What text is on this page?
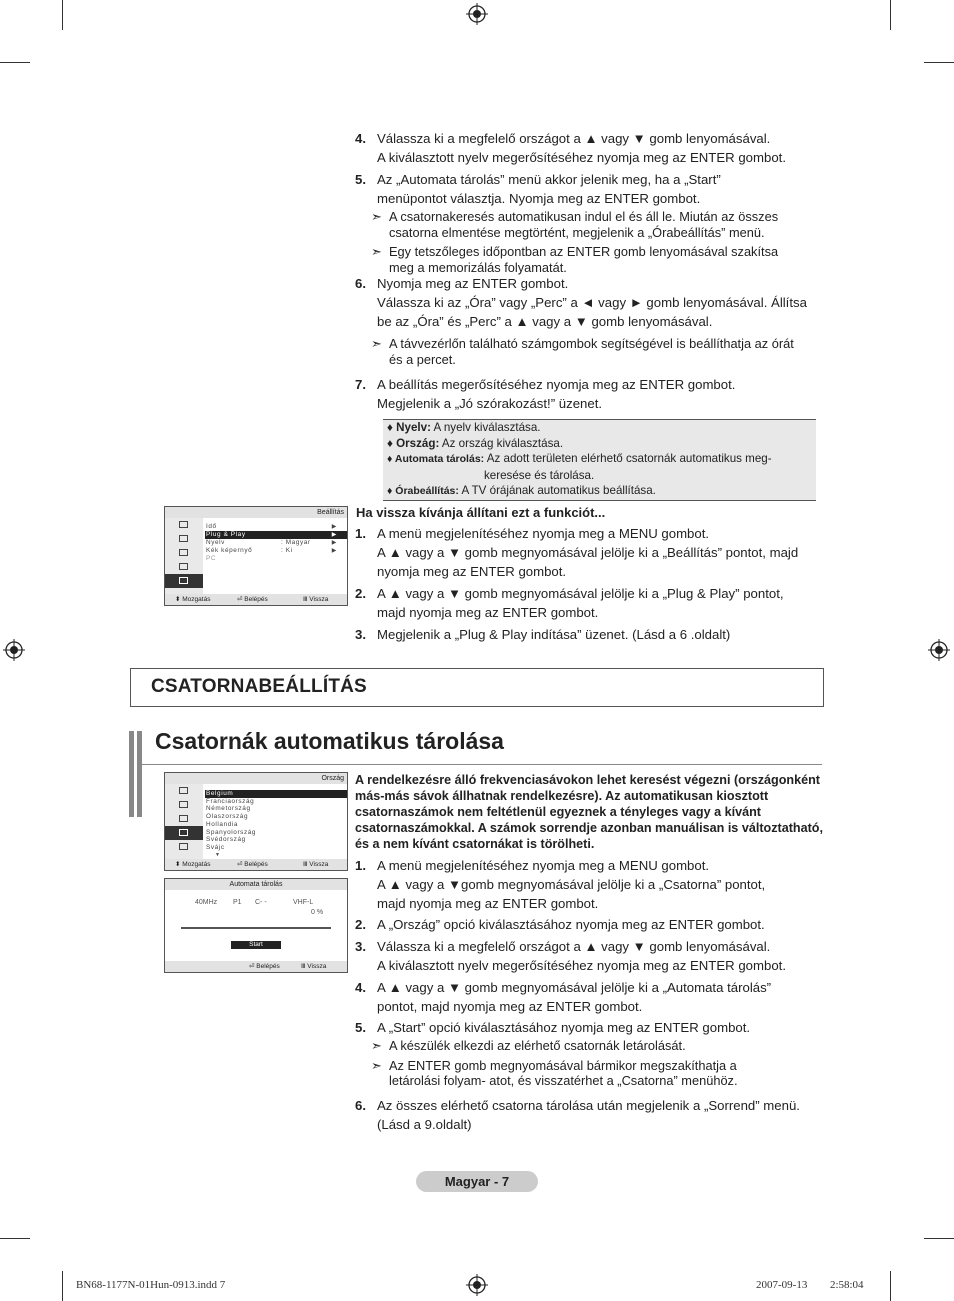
4. Válassza ki a megfelelő országot a ▲ vagy ▼ gomb lenyomásával.
A kiválasztott nyelv megerősítéséhez nyomja meg az ENTER gombot.
5. Az „Automata tárolás” menü akkor jelenik meg, ha a „Start”
menüpontot választja. Nyomja meg az ENTER gombot.
➣ A csatornakeresés automatikusan indul el és áll le. Miután az összes
csatorna elmentése megtörtént, megjelenik a „Órabeállítás” menü.
➣ Egy tetszőleges időpontban az ENTER gomb lenyomásával szakítsa
meg a memorizálás folyamatát.
6. Nyomja meg az ENTER gombot.
Válassza ki az „Óra” vagy „Perc” a ◄ vagy ► gomb lenyomásával. Állítsa
be az „Óra” és „Perc” a ▲ vagy a ▼ gomb lenyomásával.
➣ A távvezérlőn található számgombok segítségével is beállíthatja az órát
és a percet.
7. A beállítás megerősítéséhez nyomja meg az ENTER gombot.
Megjelenik a „Jó szórakozást!” üzenet.
♦ Nyelv: A nyelv kiválasztása.
♦ Ország: Az ország kiválasztása.
♦ Automata tárolás: Az adott területen elérhető csatornák automatikus meg-
keresése és tárolása.
♦ Órabeállítás: A TV órájának automatikus beállítása.
Beállítás
Idő	▶
Plug & Play	▶
Nyelv	: Magyar	▶
Kék képernyő	: Ki	▶
PC
⬍ Mozgatás	⏎ Belépés	Ⅲ Vissza
Ha vissza kívánja állítani ezt a funkciót...
1. A menü megjelenítéséhez nyomja meg a MENU gombot.
A ▲ vagy a ▼ gomb megnyomásával jelölje ki a „Beállítás” pontot, majd
nyomja meg az ENTER gombot.
2. A ▲ vagy a ▼ gomb megnyomásával jelölje ki a „Plug & Play” pontot,
majd nyomja meg az ENTER gombot.
3. Megjelenik a „Plug & Play indítása” üzenet. (Lásd a 6 .oldalt)
CSATORNABEÁLLÍTÁS
Csatornák automatikus tárolása
A rendelkezésre álló frekvenciasávokon lehet keresést végezni (országonként
más-más sávok állhatnak rendelkezésre). Az automatikusan kiosztott
csatornaszámok nem feltétlenül egyeznek a tényleges vagy a kívánt
csatornaszámokkal. A számok sorrendje azonban manuálisan is változtatható,
és a nem kívánt csatornákat is törölheti.
Ország
Belgium
Franciaország
Németország
Olaszország
Hollandia
Spanyolország
Svédország
Svájc
▼
⬍ Mozgatás	⏎ Belépés	Ⅲ Vissza
Automata tárolás
40MHz P1 C- -	VHF-L
0 %
Start
⏎ Belépés	Ⅲ Vissza
1. A menü megjelenítéséhez nyomja meg a MENU gombot.
A ▲ vagy a ▼gomb megnyomásával jelölje ki a „Csatorna” pontot,
majd nyomja meg az ENTER gombot.
2. A „Ország” opció kiválasztásához nyomja meg az ENTER gombot.
3. Válassza ki a megfelelő országot a ▲ vagy ▼ gomb lenyomásával.
A kiválasztott nyelv megerősítéséhez nyomja meg az ENTER gombot.
4. A ▲ vagy a ▼ gomb megnyomásával jelölje ki a „Automata tárolás”
pontot, majd nyomja meg az ENTER gombot.
5. A „Start” opció kiválasztásához nyomja meg az ENTER gombot.
➣ A készülék elkezdi az elérhető csatornák letárolását.
➣ Az ENTER gomb megnyomásával bármikor megszakíthatja a
letárolási folyam- atot, és visszatérhet a „Csatorna” menühöz.
6. Az összes elérhető csatorna tárolása után megjelenik a „Sorrend” menü.
(Lásd a 9.oldalt)
Magyar - 7
BN68-1177N-01Hun-0913.indd 7	2007-09-13 ￿￿ 2:58:04
